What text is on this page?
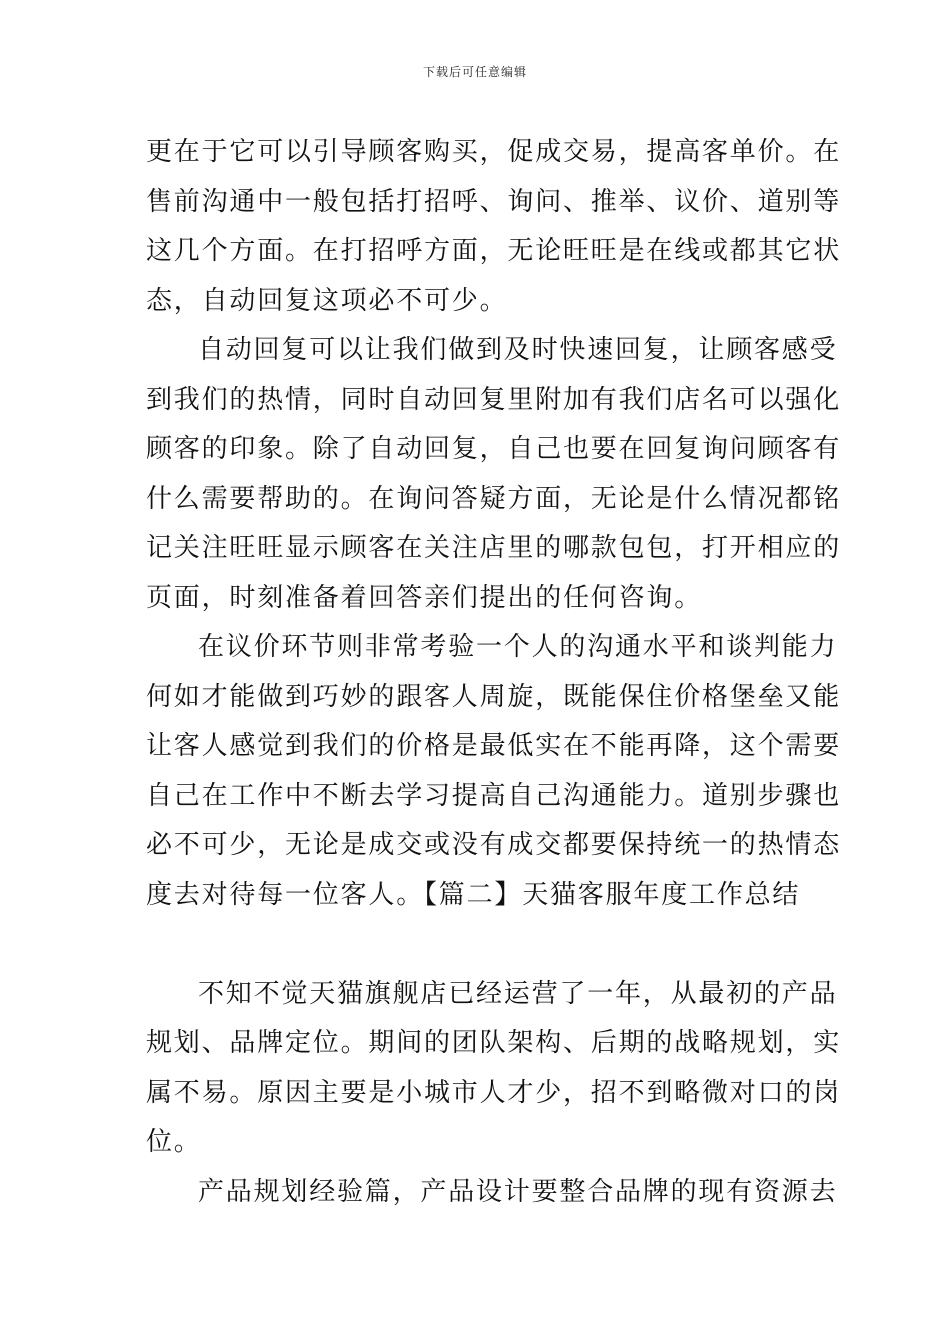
下载后可任意编辑
更在于它可以引导顾客购买，促成交易，提高客单价。在
售前沟通中一般包括打招呼、询问、推举、议价、道别等
这几个方面。在打招呼方面，无论旺旺是在线或都其它状
态，自动回复这项必不可少。
自动回复可以让我们做到及时快速回复，让顾客感受
到我们的热情，同时自动回复里附加有我们店名可以强化
顾客的印象。除了自动回复，自己也要在回复询问顾客有
什么需要帮助的。在询问答疑方面，无论是什么情况都铭
记关注旺旺显示顾客在关注店里的哪款包包，打开相应的
页面，时刻准备着回答亲们提出的任何咨询。
在议价环节则非常考验一个人的沟通水平和谈判能力
何如才能做到巧妙的跟客人周旋，既能保住价格堡垒又能
让客人感觉到我们的价格是最低实在不能再降，这个需要
自己在工作中不断去学习提高自己沟通能力。道别步骤也
必不可少，无论是成交或没有成交都要保持统一的热情态
度去对待每一位客人。【篇二】天猫客服年度工作总结
不知不觉天猫旗舰店已经运营了一年，从最初的产品
规划、品牌定位。期间的团队架构、后期的战略规划，实
属不易。原因主要是小城市人才少，招不到略微对口的岗
位。
产品规划经验篇，产品设计要整合品牌的现有资源去
